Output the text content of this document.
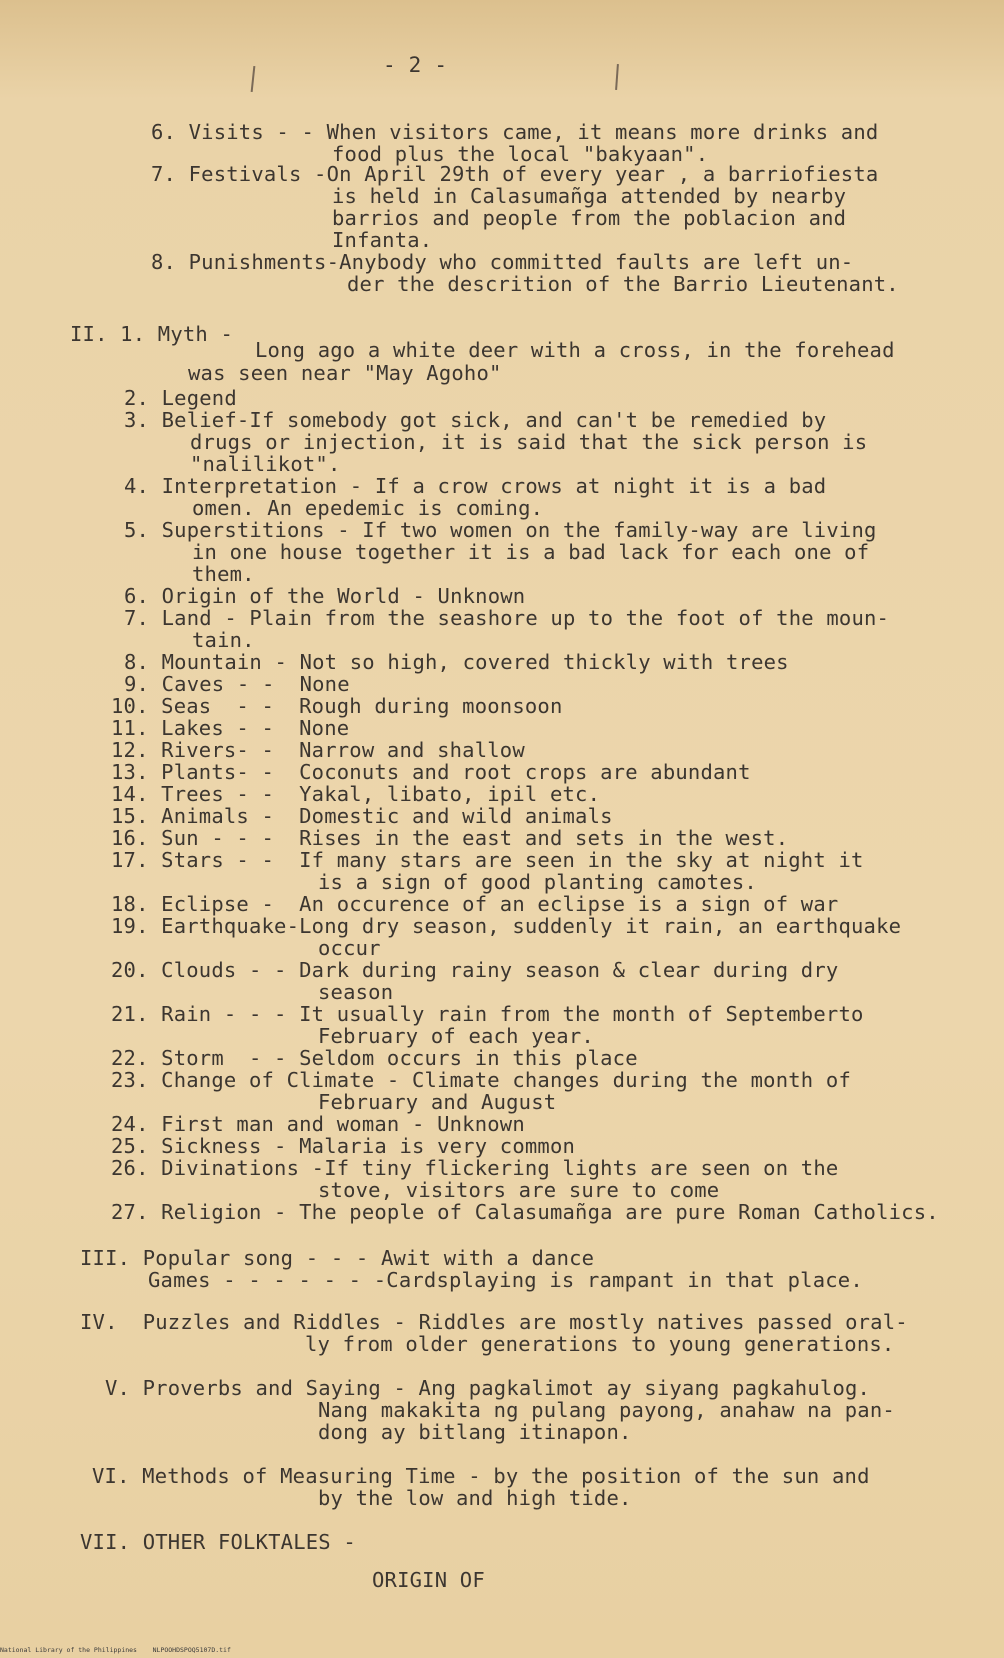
- 2 -
6. Visits - - When visitors came, it means more drinks and
food plus the local "bakyaan".
7. Festivals -On April 29th of every year , a barriofiesta
is held in Calasumañga attended by nearby
barrios and people from the poblacion and
Infanta.
8. Punishments-Anybody who committed faults are left un-
der the descrition of the Barrio Lieutenant.
II. 1. Myth -
Long ago a white deer with a cross, in the forehead
was seen near "May Agoho"
2. Legend
3. Belief-If somebody got sick, and can't be remedied by
drugs or injection, it is said that the sick person is
"nalilikot".
4. Interpretation - If a crow crows at night it is a bad
omen. An epedemic is coming.
5. Superstitions - If two women on the family-way are living
in one house together it is a bad lack for each one of
them.
6. Origin of the World - Unknown
7. Land - Plain from the seashore up to the foot of the moun-
tain.
8. Mountain - Not so high, covered thickly with trees
9. Caves - -  None
10. Seas  - -  Rough during moonsoon
11. Lakes - -  None
12. Rivers- -  Narrow and shallow
13. Plants- -  Coconuts and root crops are abundant
14. Trees - -  Yakal, libato, ipil etc.
15. Animals -  Domestic and wild animals
16. Sun - - -  Rises in the east and sets in the west.
17. Stars - -  If many stars are seen in the sky at night it
is a sign of good planting camotes.
18. Eclipse -  An occurence of an eclipse is a sign of war
19. Earthquake-Long dry season, suddenly it rain, an earthquake
occur
20. Clouds - - Dark during rainy season & clear during dry
season
21. Rain - - - It usually rain from the month of Septemberto
February of each year.
22. Storm  - - Seldom occurs in this place
23. Change of Climate - Climate changes during the month of
February and August
24. First man and woman - Unknown
25. Sickness - Malaria is very common
26. Divinations -If tiny flickering lights are seen on the
stove, visitors are sure to come
27. Religion - The people of Calasumañga are pure Roman Catholics.
III. Popular song - - - Awit with a dance
Games - - - - - - -Cardsplaying is rampant in that place.
IV.  Puzzles and Riddles - Riddles are mostly natives passed oral-
ly from older generations to young generations.
V. Proverbs and Saying - Ang pagkalimot ay siyang pagkahulog.
Nang makakita ng pulang payong, anahaw na pan-
dong ay bitlang itinapon.
VI. Methods of Measuring Time - by the position of the sun and
by the low and high tide.
VII. OTHER FOLKTALES -
ORIGIN OF
National Library of the Philippines    NLPOOHDSPOQ5107D.tif
